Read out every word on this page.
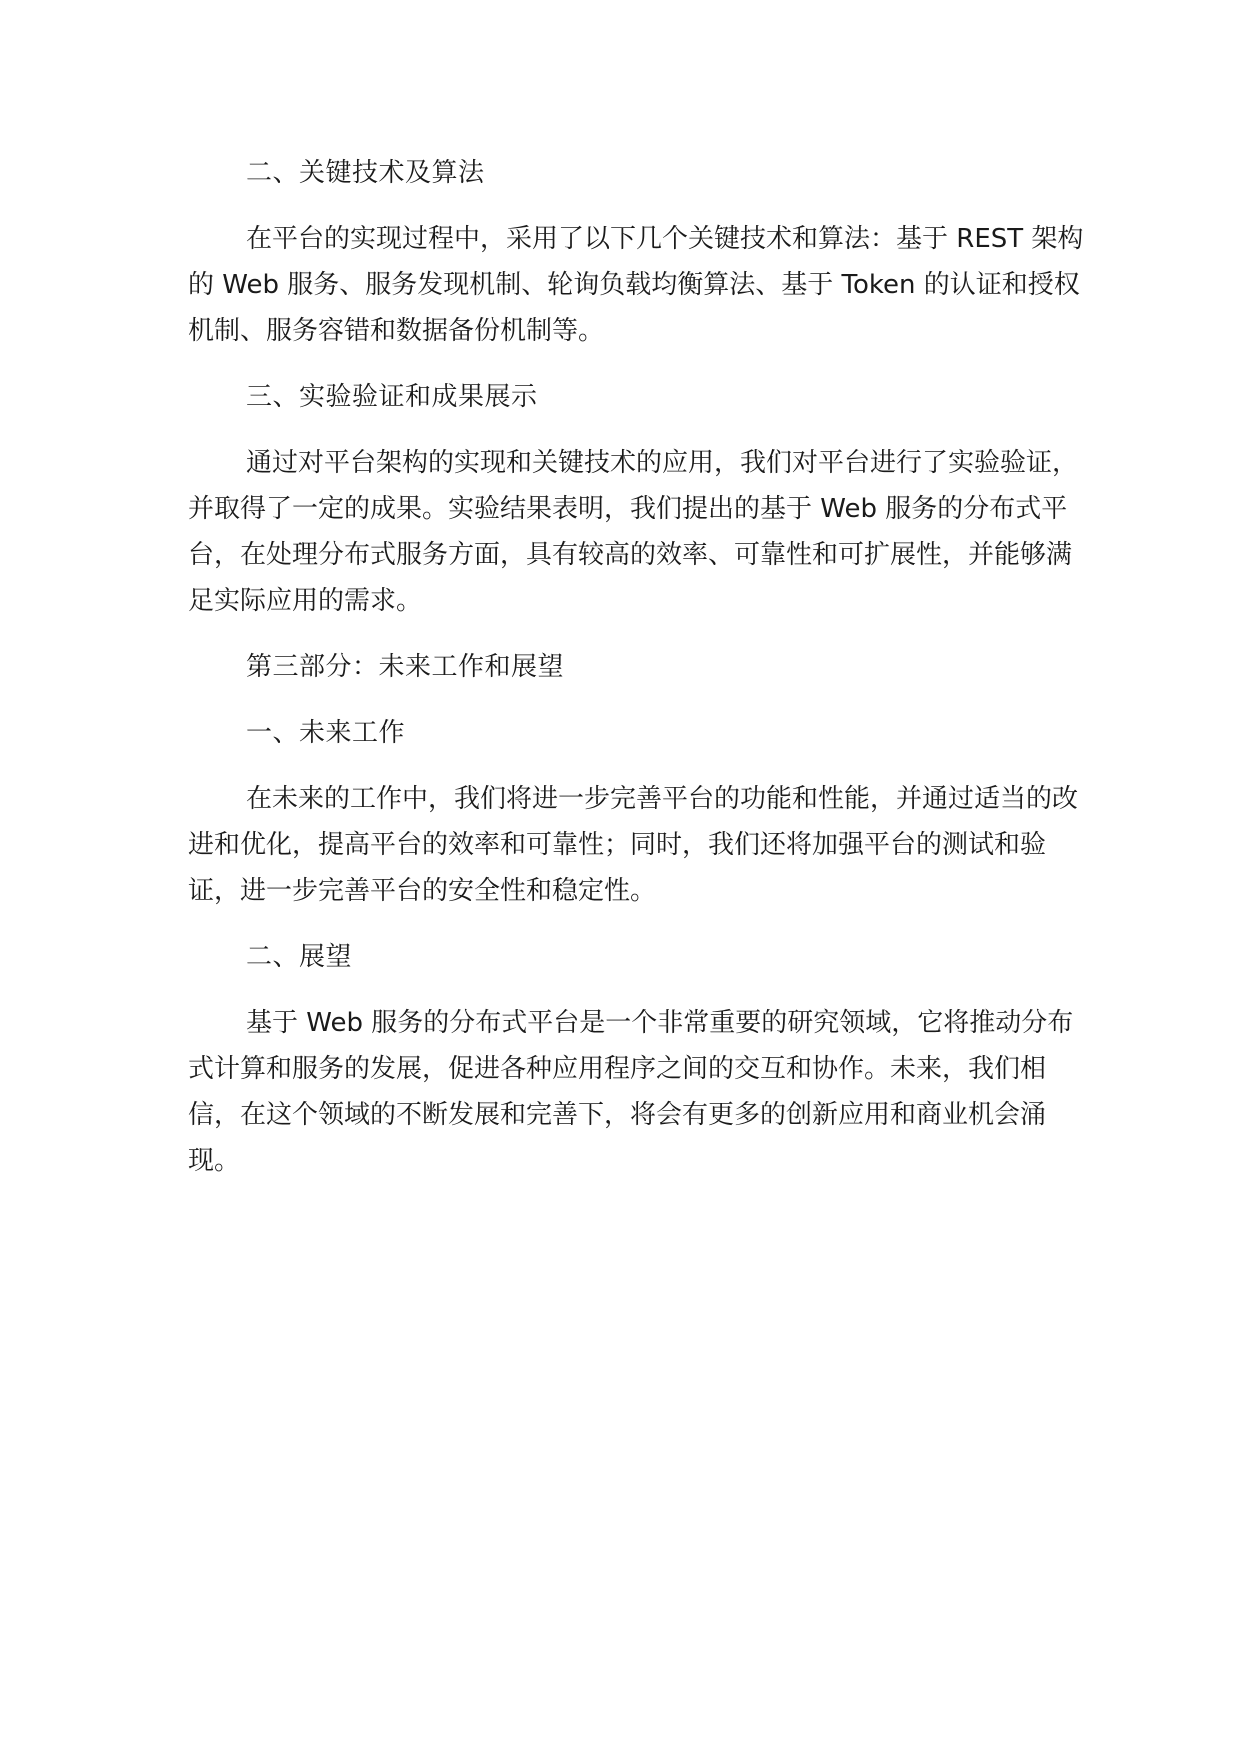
二、关键技术及算法
在平台的实现过程中，采用了以下几个关键技术和算法：基于 REST 架构的 Web 服务、服务发现机制、轮询负载均衡算法、基于 Token 的认证和授权机制、服务容错和数据备份机制等。
三、实验验证和成果展示
通过对平台架构的实现和关键技术的应用，我们对平台进行了实验验证，并取得了一定的成果。实验结果表明，我们提出的基于 Web 服务的分布式平台，在处理分布式服务方面，具有较高的效率、可靠性和可扩展性，并能够满足实际应用的需求。
第三部分：未来工作和展望
一、未来工作
在未来的工作中，我们将进一步完善平台的功能和性能，并通过适当的改进和优化，提高平台的效率和可靠性；同时，我们还将加强平台的测试和验证，进一步完善平台的安全性和稳定性。
二、展望
基于 Web 服务的分布式平台是一个非常重要的研究领域，它将推动分布式计算和服务的发展，促进各种应用程序之间的交互和协作。未来，我们相信，在这个领域的不断发展和完善下，将会有更多的创新应用和商业机会涌现。
